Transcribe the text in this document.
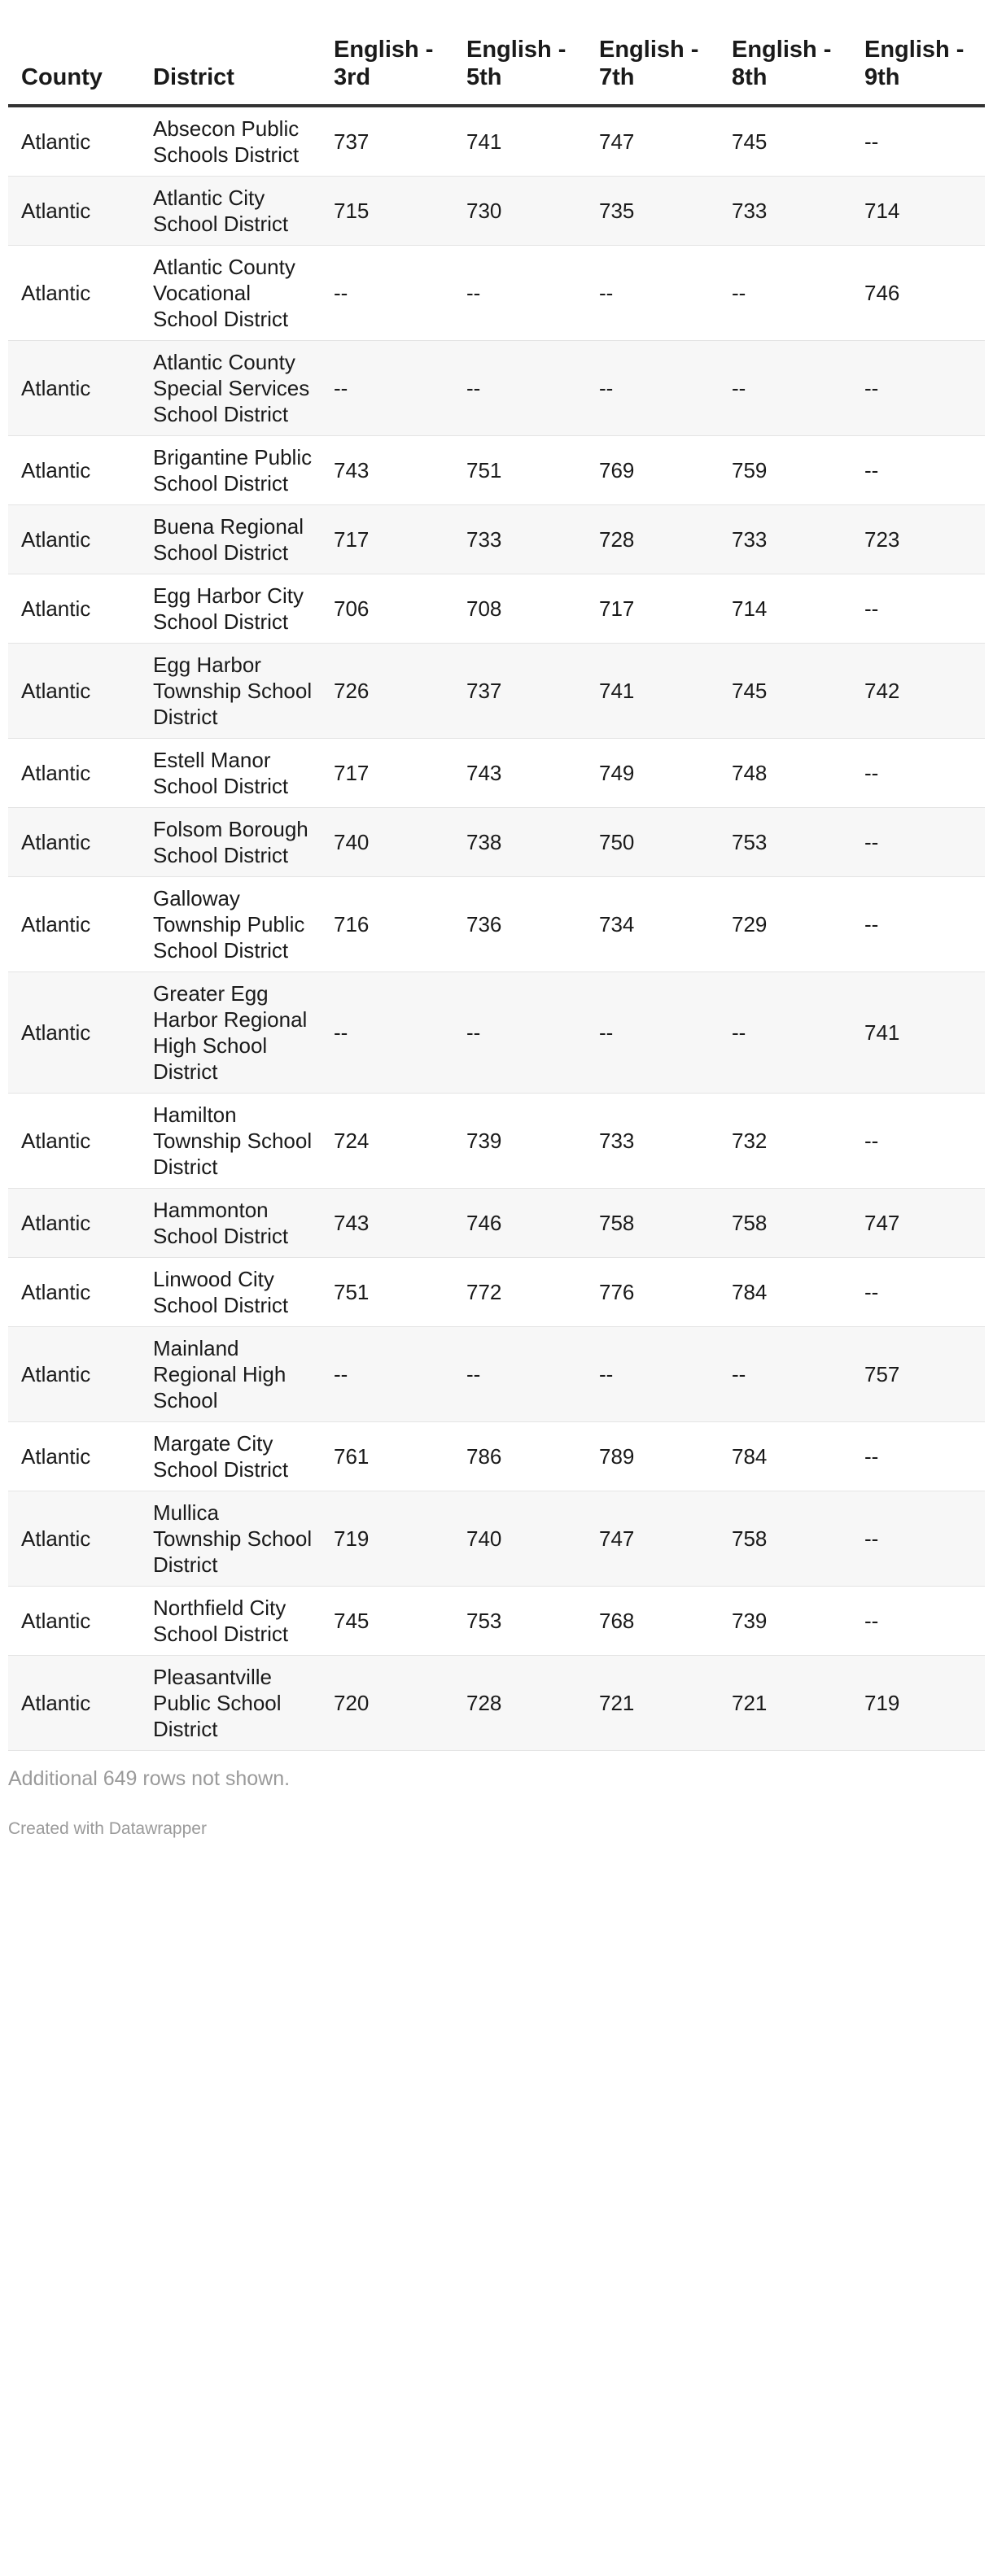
County	District	English - 3rd	English - 5th	English - 7th	English - 8th	English - 9th
Atlantic	Absecon Public Schools District	737	741	747	745	--
Atlantic	Atlantic City School District	715	730	735	733	714
Atlantic	Atlantic County Vocational School District	--	--	--	--	746
Atlantic	Atlantic County Special Services School District	--	--	--	--	--
Atlantic	Brigantine Public School District	743	751	769	759	--
Atlantic	Buena Regional School District	717	733	728	733	723
Atlantic	Egg Harbor City School District	706	708	717	714	--
Atlantic	Egg Harbor Township School District	726	737	741	745	742
Atlantic	Estell Manor School District	717	743	749	748	--
Atlantic	Folsom Borough School District	740	738	750	753	--
Atlantic	Galloway Township Public School District	716	736	734	729	--
Atlantic	Greater Egg Harbor Regional High School District	--	--	--	--	741
Atlantic	Hamilton Township School District	724	739	733	732	--
Atlantic	Hammonton School District	743	746	758	758	747
Atlantic	Linwood City School District	751	772	776	784	--
Atlantic	Mainland Regional High School	--	--	--	--	757
Atlantic	Margate City School District	761	786	789	784	--
Atlantic	Mullica Township School District	719	740	747	758	--
Atlantic	Northfield City School District	745	753	768	739	--
Atlantic	Pleasantville Public School District	720	728	721	721	719
Additional 649 rows not shown.
Created with Datawrapper
